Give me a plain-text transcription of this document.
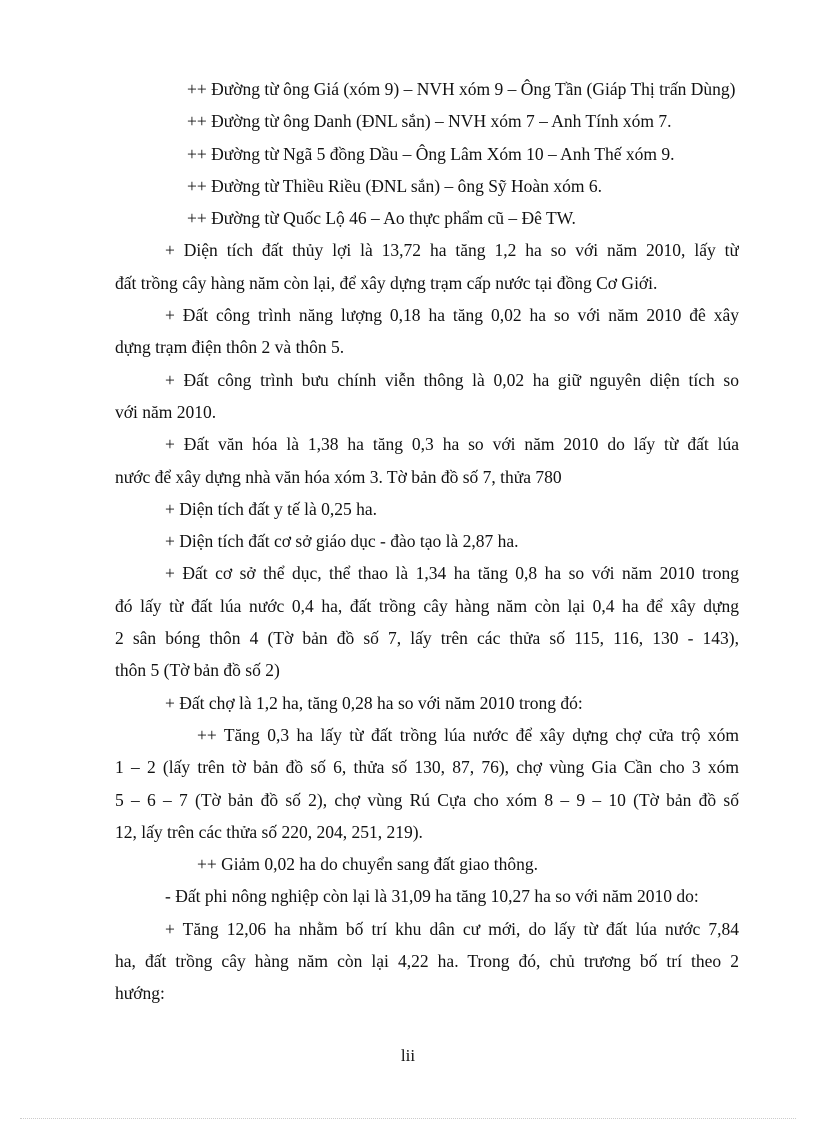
++ Đường từ ông Giá (xóm 9) – NVH xóm 9 – Ông Tần (Giáp Thị trấn Dùng)
++ Đường từ ông Danh (ĐNL sắn) – NVH xóm 7 – Anh Tính xóm 7.
++ Đường từ Ngã 5 đồng Dầu – Ông Lâm Xóm 10 – Anh Thế xóm 9.
++ Đường từ Thiều Riều (ĐNL sắn) – ông Sỹ Hoàn xóm 6.
++ Đường từ Quốc Lộ 46 – Ao thực phẩm cũ – Đê TW.
+ Diện tích đất thủy lợi là 13,72 ha tăng 1,2 ha so với năm 2010, lấy từ
đất trồng cây hàng năm còn lại, để xây dựng trạm cấp nước tại đồng Cơ Giới.
+ Đất công trình năng lượng 0,18 ha tăng 0,02 ha so với năm 2010 đê xây
dựng trạm điện thôn 2 và thôn 5.
+ Đất công trình bưu chính viễn thông là 0,02 ha giữ nguyên diện tích so
với năm 2010.
+ Đất văn hóa là 1,38 ha tăng 0,3 ha so với năm 2010 do lấy từ đất lúa
nước để xây dựng nhà văn hóa xóm 3. Tờ bản đồ số 7, thửa 780
+ Diện tích đất y tế là 0,25 ha.
+ Diện tích đất cơ sở giáo dục - đào tạo là 2,87 ha.
+ Đất cơ sở thể dục, thể thao là 1,34 ha tăng 0,8 ha so với năm 2010 trong
đó lấy từ đất lúa nước 0,4 ha, đất trồng cây hàng năm còn lại 0,4 ha để xây dựng
2 sân bóng thôn 4 (Tờ bản đồ số 7, lấy trên các thửa số 115, 116, 130 - 143),
thôn 5 (Tờ bản đồ số 2)
+ Đất chợ là 1,2 ha, tăng 0,28 ha so với năm 2010 trong đó:
++ Tăng 0,3 ha lấy từ đất trồng lúa nước để xây dựng chợ cửa trộ xóm
1 – 2 (lấy trên tờ bản đồ số 6, thửa số 130, 87, 76), chợ vùng Gia Cần cho 3 xóm
5 – 6 – 7 (Tờ bản đồ số 2), chợ vùng Rú Cựa cho xóm 8 – 9 – 10 (Tờ bản đồ số
12, lấy trên các thửa số 220, 204, 251, 219).
++ Giảm 0,02 ha do chuyển sang đất giao thông.
- Đất phi nông nghiệp còn lại là 31,09 ha tăng 10,27 ha so với năm 2010 do:
+ Tăng 12,06 ha nhằm bố trí khu dân cư mới, do lấy từ đất lúa nước 7,84
ha, đất trồng cây hàng năm còn lại 4,22 ha. Trong đó, chủ trương bố trí theo 2
hướng:
lii
